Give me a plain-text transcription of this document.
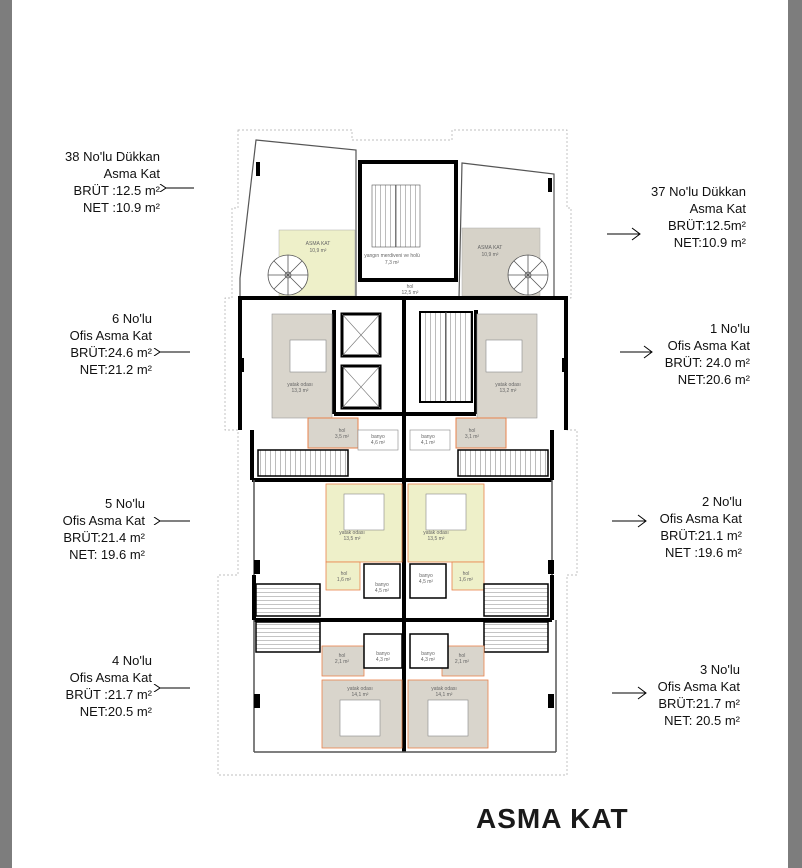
ASMA KAT
10,9 m²	ASMA KAT
10,9 m²
yangın merdiveni ve holü
7,3 m²
hol
12,5 m²
yatak odası
13,3 m²
yatak odası
13,2 m²
hol
3,5 m²	banyo
4,6 m²
banyo
4,1 m²
hol
3,1 m²
yatak odası
13,5 m²
yatak odası
13,5 m²
hol
1,6 m²
hol
1,6 m²
banyo
4,5 m²
banyo
4,5 m²
hol
2,1 m²
hol
2,1 m²
banyo
4,3 m²
banyo
4,3 m²
yatak odası
14,1 m²
yatak odası
14,1 m²
38 No'lu Dükkan
Asma Kat
BRÜT :12.5 m²
NET :10.9 m²
37 No'lu Dükkan
Asma Kat
BRÜT:12.5m²
NET:10.9 m²
6 No'lu
Ofis Asma Kat
BRÜT:24.6 m²
NET:21.2 m²
1 No'lu
Ofis Asma Kat
BRÜT: 24.0 m²
NET:20.6 m²
5 No'lu
Ofis Asma Kat
BRÜT:21.4 m²
NET: 19.6 m²
2 No'lu
Ofis Asma Kat
BRÜT:21.1 m²
NET :19.6 m²
4 No'lu
Ofis Asma Kat
BRÜT :21.7 m²
NET:20.5 m²
3 No'lu
Ofis Asma Kat
BRÜT:21.7 m²
NET: 20.5 m²
ASMA KAT
